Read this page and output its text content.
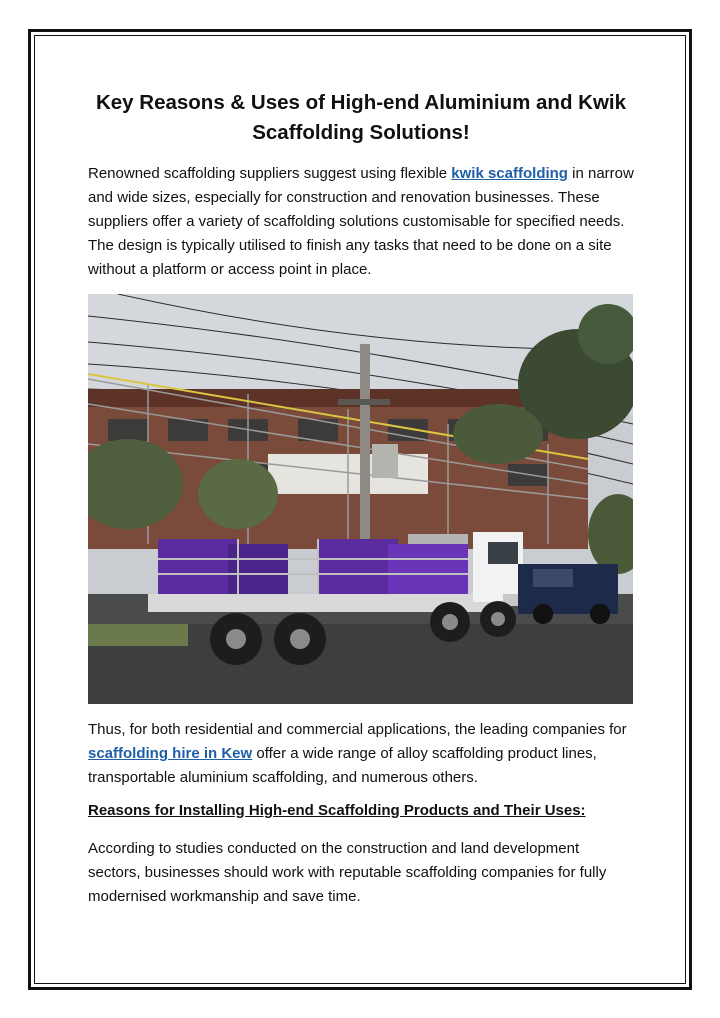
Key Reasons & Uses of High-end Aluminium and Kwik Scaffolding Solutions!

Renowned scaffolding suppliers suggest using flexible kwik scaffolding in narrow and wide sizes, especially for construction and renovation businesses. These suppliers offer a variety of scaffolding solutions customisable for specified needs. The design is typically utilised to finish any tasks that need to be done on a site without a platform or access point in place.

Thus, for both residential and commercial applications, the leading companies for scaffolding hire in Kew offer a wide range of alloy scaffolding product lines, transportable aluminium scaffolding, and numerous others.

Reasons for Installing High-end Scaffolding Products and Their Uses:

According to studies conducted on the construction and land development sectors, businesses should work with reputable scaffolding companies for fully modernised workmanship and save time.
